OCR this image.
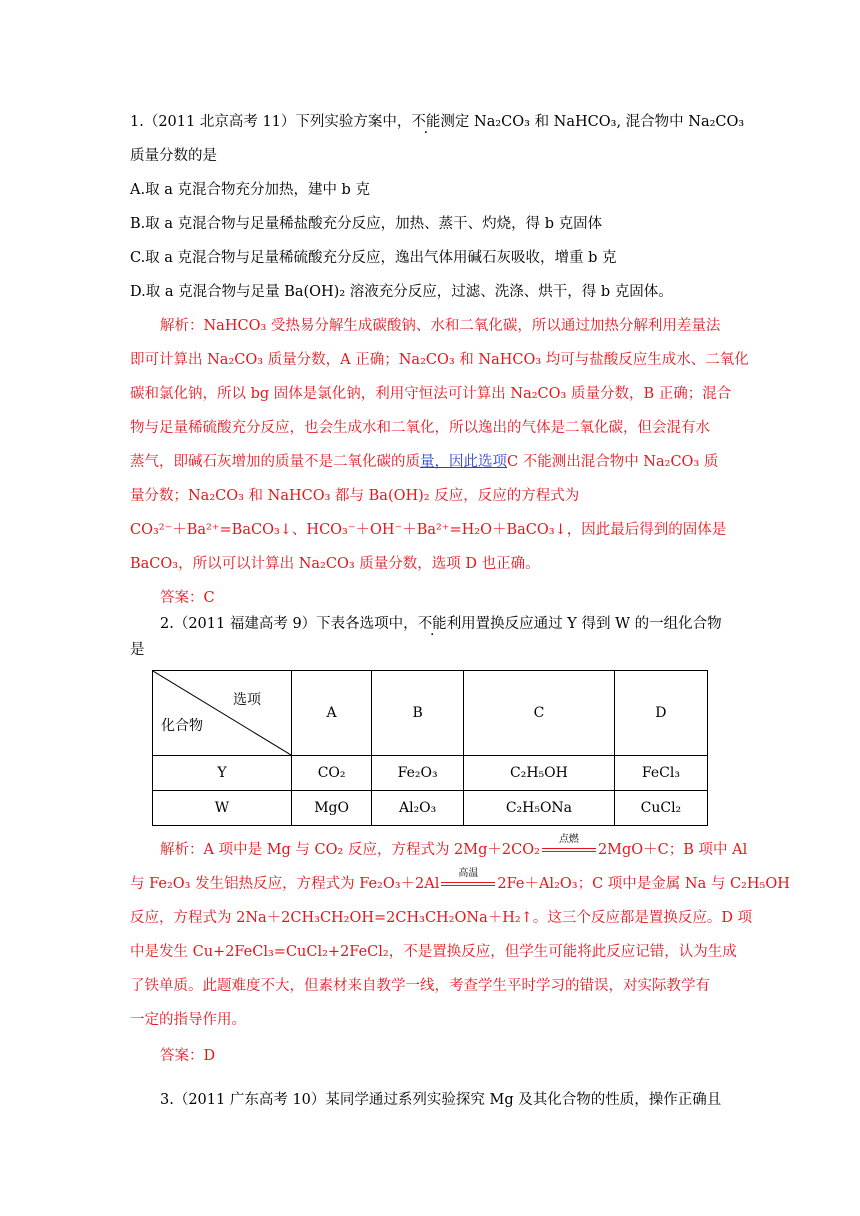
1.（2011 北京高考 11）下列实验方案中，不能测定 Na₂CO₃ 和 NaHCO₃, 混合物中 Na₂CO₃
质量分数的是
A.取 a 克混合物充分加热，建中 b 克
B.取 a 克混合物与足量稀盐酸充分反应，加热、蒸干、灼烧，得 b 克固体
C.取 a 克混合物与足量稀硫酸充分反应，逸出气体用碱石灰吸收，增重 b 克
D.取 a 克混合物与足量 Ba(OH)₂ 溶液充分反应，过滤、洗涤、烘干，得 b 克固体。
解析：NaHCO₃ 受热易分解生成碳酸钠、水和二氧化碳，所以通过加热分解利用差量法
即可计算出 Na₂CO₃ 质量分数，A 正确；Na₂CO₃ 和 NaHCO₃ 均可与盐酸反应生成水、二氧化
碳和氯化钠，所以 bg 固体是氯化钠，利用守恒法可计算出 Na₂CO₃ 质量分数，B 正确；混合
物与足量稀硫酸充分反应，也会生成水和二氧化，所以逸出的气体是二氧化碳，但会混有水
蒸气，即碱石灰增加的质量不是二氧化碳的质量，因此选项C 不能测出混合物中 Na₂CO₃ 质
量分数；Na₂CO₃ 和 NaHCO₃ 都与 Ba(OH)₂ 反应，反应的方程式为
CO₃²⁻＋Ba²⁺=BaCO₃↓、HCO₃⁻＋OH⁻＋Ba²⁺=H₂O＋BaCO₃↓，因此最后得到的固体是
BaCO₃，所以可以计算出 Na₂CO₃ 质量分数，选项 D 也正确。
答案：C
2.（2011 福建高考 9）下表各选项中，不能利用置换反应通过 Y 得到 W 的一组化合物
是
选项
化合物	A	B	C	D
Y	CO₂	Fe₂O₃	C₂H₅OH	FeCl₃
W	MgO	Al₂O₃	C₂H₅ONa	CuCl₂
解析：A 项中是 Mg 与 CO₂ 反应，方程式为 2Mg＋2CO₂
点燃
2MgO＋C；B 项中 Al
与 Fe₂O₃ 发生铝热反应，方程式为 Fe₂O₃＋2Al
高温
2Fe＋Al₂O₃；C 项中是金属 Na 与 C₂H₅OH
反应，方程式为 2Na＋2CH₃CH₂OH=2CH₃CH₂ONa＋H₂↑。这三个反应都是置换反应。D 项
中是发生 Cu+2FeCl₃=CuCl₂+2FeCl₂，不是置换反应，但学生可能将此反应记错，认为生成
了铁单质。此题难度不大，但素材来自教学一线，考查学生平时学习的错误，对实际教学有
一定的指导作用。
答案：D
3.（2011 广东高考 10）某同学通过系列实验探究 Mg 及其化合物的性质，操作正确且
